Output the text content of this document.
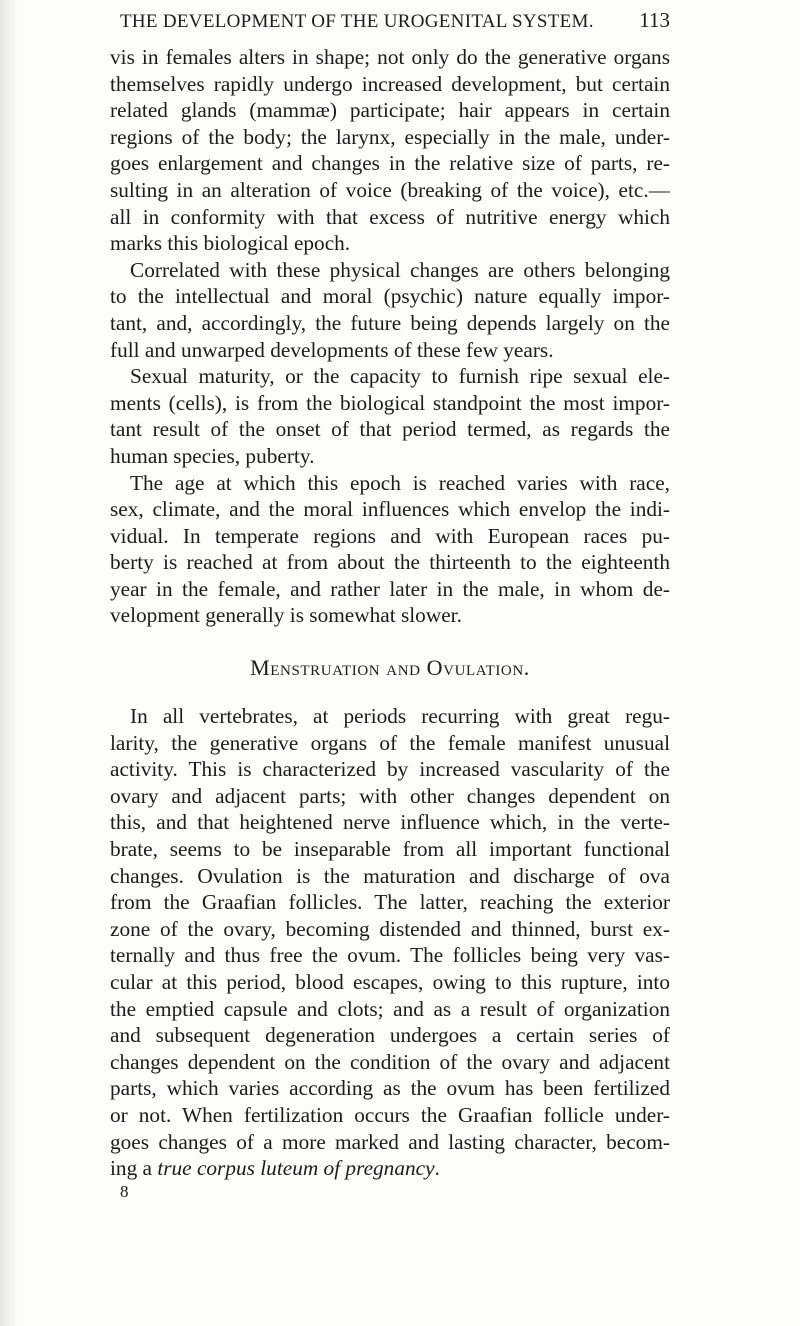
THE DEVELOPMENT OF THE UROGENITAL SYSTEM. 113
vis in females alters in shape; not only do the generative organs
themselves rapidly undergo increased development, but certain
related glands (mammæ) participate; hair appears in certain
regions of the body; the larynx, especially in the male, under-
goes enlargement and changes in the relative size of parts, re-
sulting in an alteration of voice (breaking of the voice), etc.—
all in conformity with that excess of nutritive energy which
marks this biological epoch.
Correlated with these physical changes are others belonging
to the intellectual and moral (psychic) nature equally impor-
tant, and, accordingly, the future being depends largely on the
full and unwarped developments of these few years.
Sexual maturity, or the capacity to furnish ripe sexual ele-
ments (cells), is from the biological standpoint the most impor-
tant result of the onset of that period termed, as regards the
human species, puberty.
The age at which this epoch is reached varies with race,
sex, climate, and the moral influences which envelop the indi-
vidual. In temperate regions and with European races pu-
berty is reached at from about the thirteenth to the eighteenth
year in the female, and rather later in the male, in whom de-
velopment generally is somewhat slower.
Menstruation and Ovulation.
In all vertebrates, at periods recurring with great regu-
larity, the generative organs of the female manifest unusual
activity. This is characterized by increased vascularity of the
ovary and adjacent parts; with other changes dependent on
this, and that heightened nerve influence which, in the verte-
brate, seems to be inseparable from all important functional
changes. Ovulation is the maturation and discharge of ova
from the Graafian follicles. The latter, reaching the exterior
zone of the ovary, becoming distended and thinned, burst ex-
ternally and thus free the ovum. The follicles being very vas-
cular at this period, blood escapes, owing to this rupture, into
the emptied capsule and clots; and as a result of organization
and subsequent degeneration undergoes a certain series of
changes dependent on the condition of the ovary and adjacent
parts, which varies according as the ovum has been fertilized
or not. When fertilization occurs the Graafian follicle under-
goes changes of a more marked and lasting character, becom-
ing a true corpus luteum of pregnancy.
8
